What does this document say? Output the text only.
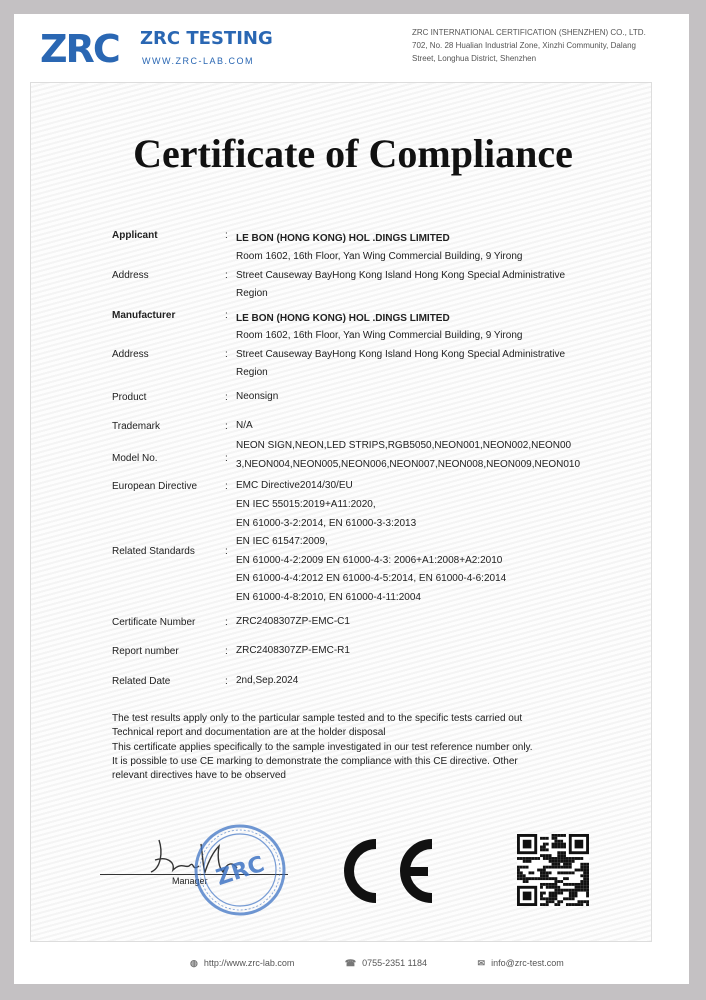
ZRC ZRC TESTING
WWW.ZRC-LAB.COM
ZRC INTERNATIONAL CERTIFICATION (SHENZHEN) CO., LTD.
702, No. 28 Hualian Industrial Zone, Xinzhi Community, Dalang
Street, Longhua District, Shenzhen
Certificate of Compliance
Applicant	: LE BON (HONG KONG) HOL .DINGS LIMITED
Address	:
Room 1602, 16th Floor, Yan Wing Commercial Building, 9 Yirong
Street Causeway BayHong Kong Island Hong Kong Special Administrative
Region
Manufacturer	: LE BON (HONG KONG) HOL .DINGS LIMITED
Address	:
Room 1602, 16th Floor, Yan Wing Commercial Building, 9 Yirong
Street Causeway BayHong Kong Island Hong Kong Special Administrative
Region
Product	: Neonsign
Trademark	: N/A
Model No.	:
NEON SIGN,NEON,LED STRIPS,RGB5050,NEON001,NEON002,NEON00
3,NEON004,NEON005,NEON006,NEON007,NEON008,NEON009,NEON010
European Directive	: EMC Directive2014/30/EU
Related Standards	:
EN IEC 55015:2019+A11:2020,
EN 61000-3-2:2014, EN 61000-3-3:2013
EN IEC 61547:2009,
EN 61000-4-2:2009 EN 61000-4-3: 2006+A1:2008+A2:2010
EN 61000-4-4:2012 EN 61000-4-5:2014, EN 61000-4-6:2014
EN 61000-4-8:2010, EN 61000-4-11:2004
Certificate Number	: ZRC2408307ZP-EMC-C1
Report number	: ZRC2408307ZP-EMC-R1
Related Date	: 2nd,Sep.2024
The test results apply only to the particular sample tested and to the specific tests carried out
Technical report and documentation are at the holder disposal
This certificate applies specifically to the sample investigated in our test reference number only.
It is possible to use CE marking to demonstrate the compliance with this CE directive. Other
relevant directives have to be observed
Manager ZRC
◍ http://www.zrc-lab.com	☎ 0755-2351 1184	✉ info@zrc-test.com
